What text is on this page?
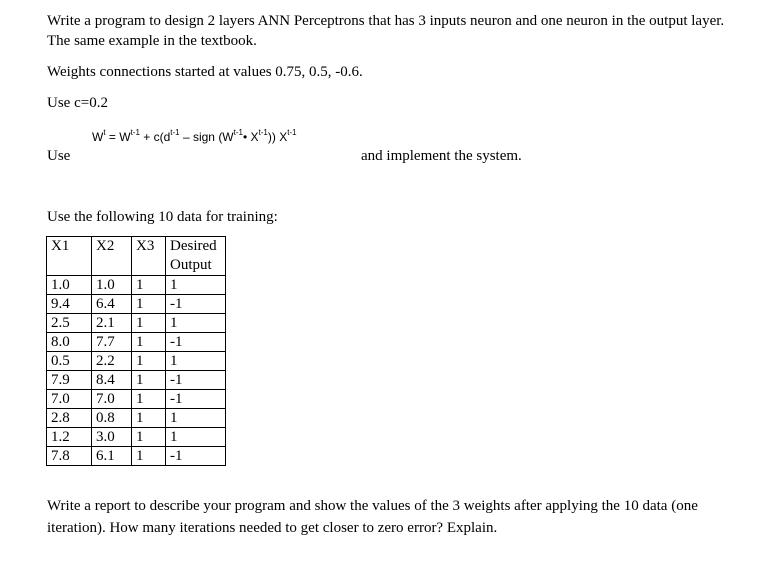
Write a program to design 2 layers ANN Perceptrons that has 3 inputs neuron and one neuron in the output layer. The same example in the textbook.

Weights connections started at values 0.75, 0.5, -0.6.

Use c=0.2

Use

$W^t = W^{t-1} + c(d^{t-1}$ – sign ($W^{t-1}•$ $X^{t-1}$)) $X^{t-1}$

and implement the system.

Use the following 10 data for training:

X1	X2	X3	Desired Output
1.0	1.0	1	1
9.4	6.4	1	-1
2.5	2.1	1	1
8.0	7.7	1	-1
0.5	2.2	1	1
7.9	8.4	1	-1
7.0	7.0	1	-1
2.8	0.8	1	1
1.2	3.0	1	1
7.8	6.1	1	-1

Write a report to describe your program and show the values of the 3 weights after applying the 10 data (one iteration). How many iterations needed to get closer to zero error? Explain.
